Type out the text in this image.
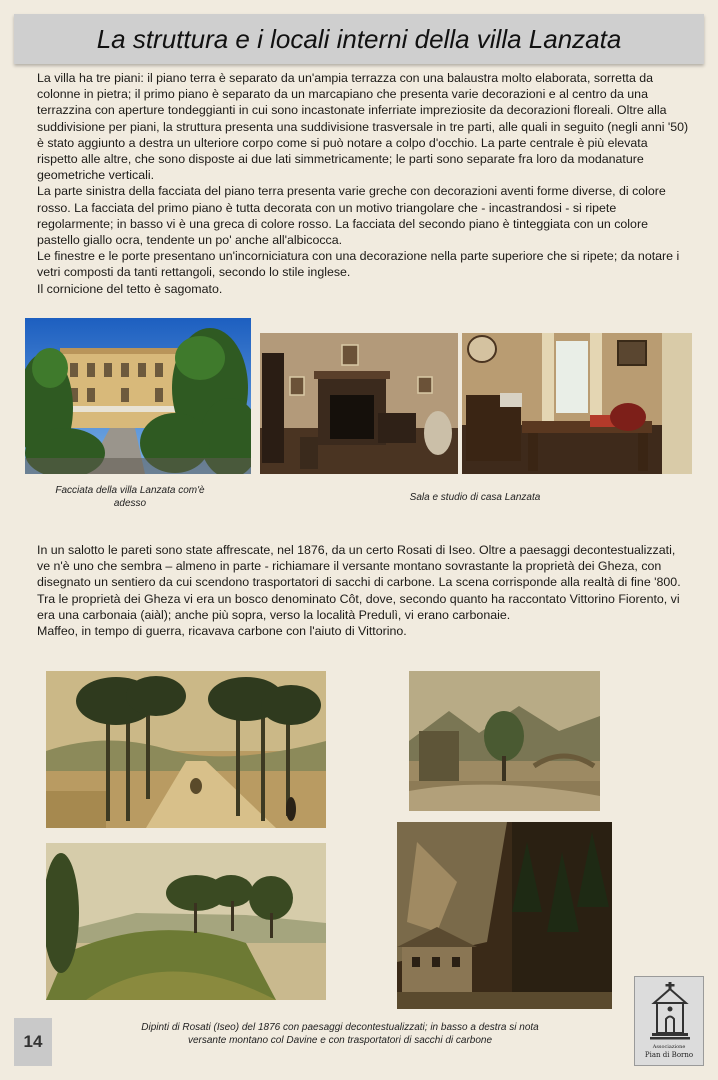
La struttura e i locali interni della villa Lanzata

La villa ha tre piani: il piano terra è separato da un'ampia terrazza con una balaustra molto elaborata, sorretta da colonne in pietra; il primo piano è separato da un marcapiano che presenta varie decorazioni e al centro da una terrazzina con aperture tondeggianti in cui sono incastonate inferriate impreziosite da decorazioni floreali. Oltre alla suddivisione per piani, la struttura presenta una suddivisione trasversale in tre parti, alle quali in seguito (negli anni '50) è stato aggiunto a destra un ulteriore corpo come si può notare a colpo d'occhio. La parte centrale è più elevata rispetto alle altre, che sono disposte ai due lati simmetricamente; le parti sono separate fra loro da modanature geometriche verticali.

La parte sinistra della facciata del piano terra presenta varie greche con decorazioni aventi forme diverse, di colore rosso. La facciata del primo piano è tutta decorata con un motivo triangolare che - incastrandosi - si ripete regolarmente; in basso vi è una greca di colore rosso. La facciata del secondo piano è tinteggiata con un colore pastello giallo ocra, tendente un po' anche all'albicocca.

Le finestre e le porte presentano un'incorniciatura con una decorazione nella parte superiore che si ripete; da notare i vetri composti da tanti rettangoli, secondo lo stile inglese.

Il cornicione del tetto è sagomato.

Facciata della villa Lanzata com'è adesso
Sala e studio di casa Lanzata

In un salotto le pareti sono state affrescate, nel 1876, da un certo Rosati di Iseo. Oltre a paesaggi decontestualizzati, ve n'è uno che sembra – almeno in parte - richiamare il versante montano sovrastante la proprietà dei Gheza, con disegnato un sentiero da cui scendono trasportatori di sacchi di carbone. La scena corrisponde alla realtà di fine '800. Tra le proprietà dei Gheza vi era un bosco denominato Côt, dove, secondo quanto ha raccontato Vittorino Fiorento, vi era una carbonaia (aiàl); anche più sopra, verso la località Predulì, vi erano carbonaie.

Maffeo, in tempo di guerra, ricavava carbone con l'aiuto di Vittorino.

Dipinti di Rosati (Iseo) del 1876 con paesaggi decontestualizzati; in basso a destra si nota versante montano col Davine e con trasportatori di sacchi di carbone
14	Associazione
Pian di Borno
